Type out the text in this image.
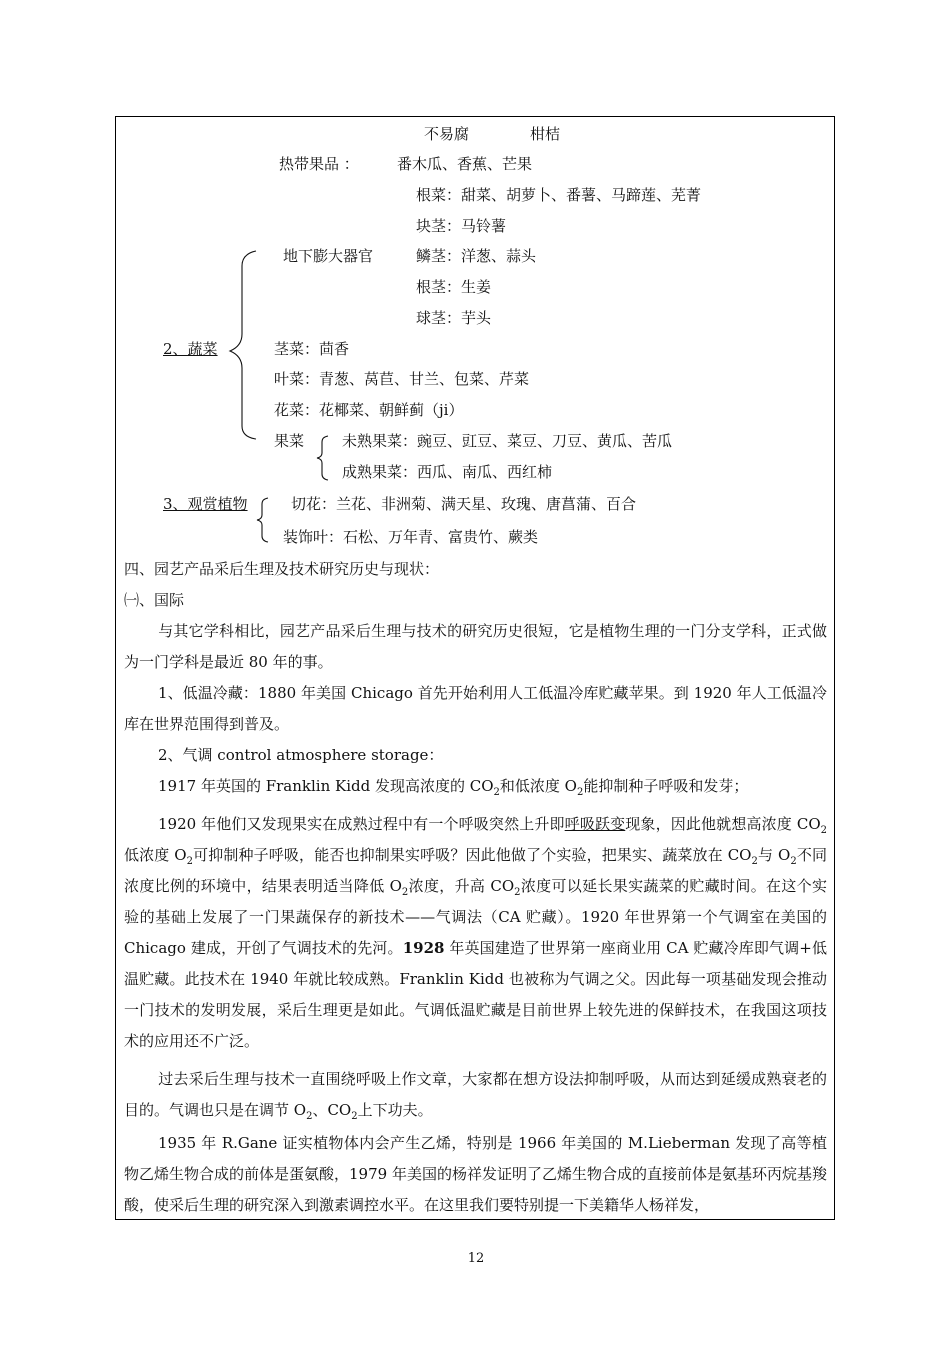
不易腐	柑桔
热带果品 ：	番木瓜、香蕉、芒果
根菜：甜菜、胡萝卜、番薯、马蹄莲、芜菁
块茎：马铃薯
地下膨大器官	鳞茎：洋葱、蒜头
根茎：生姜
球茎：芋头
2、蔬菜	茎菜：茴香
叶菜：青葱、莴苣、甘兰、包菜、芹菜
花菜：花椰菜、朝鲜蓟（ji）
果菜	未熟果菜：豌豆、豇豆、菜豆、刀豆、黄瓜、苦瓜
成熟果菜：西瓜、南瓜、西红柿
3、观赏植物	切花：兰花、非洲菊、满天星、玫瑰、唐菖蒲、百合
装饰叶：石松、万年青、富贵竹、蕨类
四、园艺产品采后生理及技术研究历史与现状：
㈠、国际
与其它学科相比，园艺产品采后生理与技术的研究历史很短，它是植物生理的一门分支学科，正式做为一门学科是最近 80 年的事。
1、低温冷藏：1880 年美国 Chicago 首先开始利用人工低温冷库贮藏苹果。到 1920 年人工低温冷库在世界范围得到普及。
2、气调 control atmosphere storage：
1917 年英国的 Franklin Kidd 发现高浓度的 $CO_2$和低浓度 $O_2$能抑制种子呼吸和发芽；
1920 年他们又发现果实在成熟过程中有一个呼吸突然上升即呼吸跃变现象，因此他就想高浓度 $CO_2$低浓度 $O_2$可抑制种子呼吸，能否也抑制果实呼吸？因此他做了个实验，把果实、蔬菜放在 $CO_2$与 $O_2$不同浓度比例的环境中，结果表明适当降低 $O_2$浓度，升高 $CO_2$浓度可以延长果实蔬菜的贮藏时间。在这个实验的基础上发展了一门果蔬保存的新技术——气调法（CA 贮藏）。1920 年世界第一个气调室在美国的 Chicago 建成，开创了气调技术的先河。1928 年英国建造了世界第一座商业用 CA 贮藏冷库即气调+低温贮藏。此技术在 1940 年就比较成熟。Franklin Kidd 也被称为气调之父。因此每一项基础发现会推动一门技术的发明发展，采后生理更是如此。气调低温贮藏是目前世界上较先进的保鲜技术，在我国这项技术的应用还不广泛。
过去采后生理与技术一直围绕呼吸上作文章，大家都在想方设法抑制呼吸，从而达到延缓成熟衰老的目的。气调也只是在调节 $O_2$、$CO_2$上下功夫。
1935 年 R.Gane 证实植物体内会产生乙烯，特别是 1966 年美国的 M.Lieberman 发现了高等植物乙烯生物合成的前体是蛋氨酸，1979 年美国的杨祥发证明了乙烯生物合成的直接前体是氨基环丙烷基羧酸，使采后生理的研究深入到激素调控水平。在这里我们要特别提一下美籍华人杨祥发，
12
